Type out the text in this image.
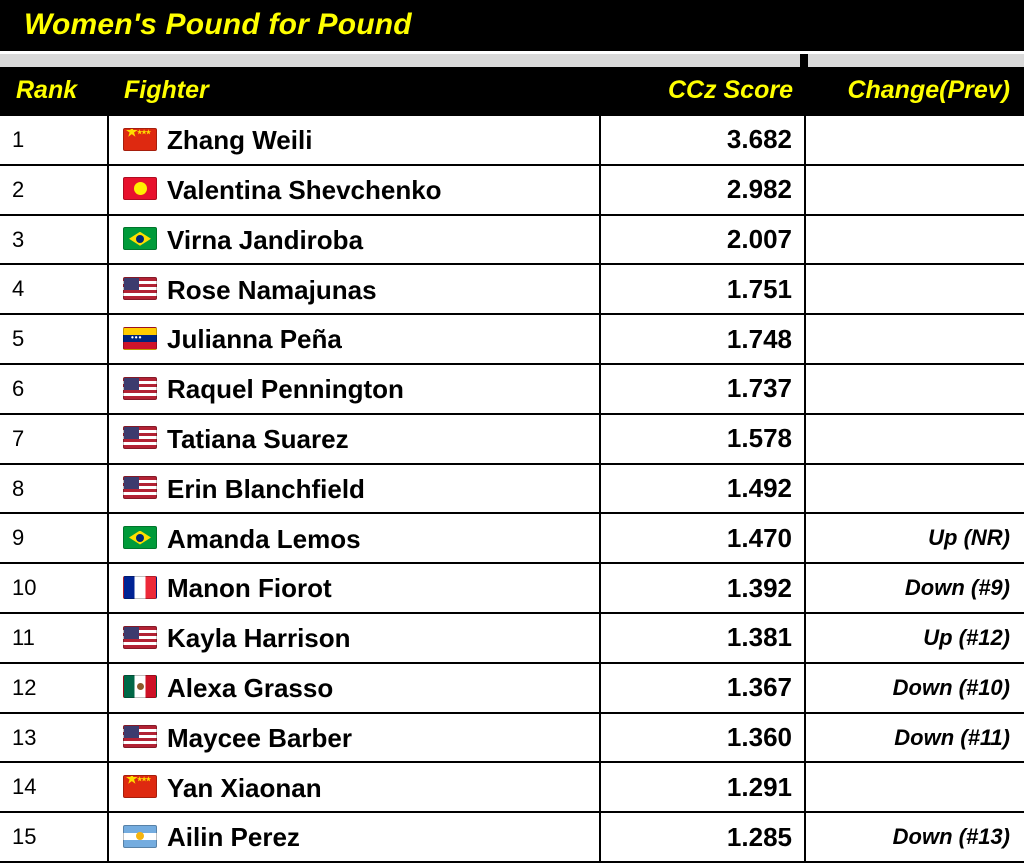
Women's Pound for Pound
Rank	Fighter	CCz Score	Change(Prev)
1	★ ★★★Zhang Weili	3.682	
2	Valentina Shevchenko	2.982	
3	Virna Jandiroba	2.007	
4	Rose Namajunas	1.751	
5	•••Julianna Peña	1.748	
6	Raquel Pennington	1.737	
7	Tatiana Suarez	1.578	
8	Erin Blanchfield	1.492	
9	Amanda Lemos	1.470	Up (NR)
10	Manon Fiorot	1.392	Down (#9)
11	Kayla Harrison	1.381	Up (#12)
12	Alexa Grasso	1.367	Down (#10)
13	Maycee Barber	1.360	Down (#11)
14	★ ★★★Yan Xiaonan	1.291	
15	Ailin Perez	1.285	Down (#13)
